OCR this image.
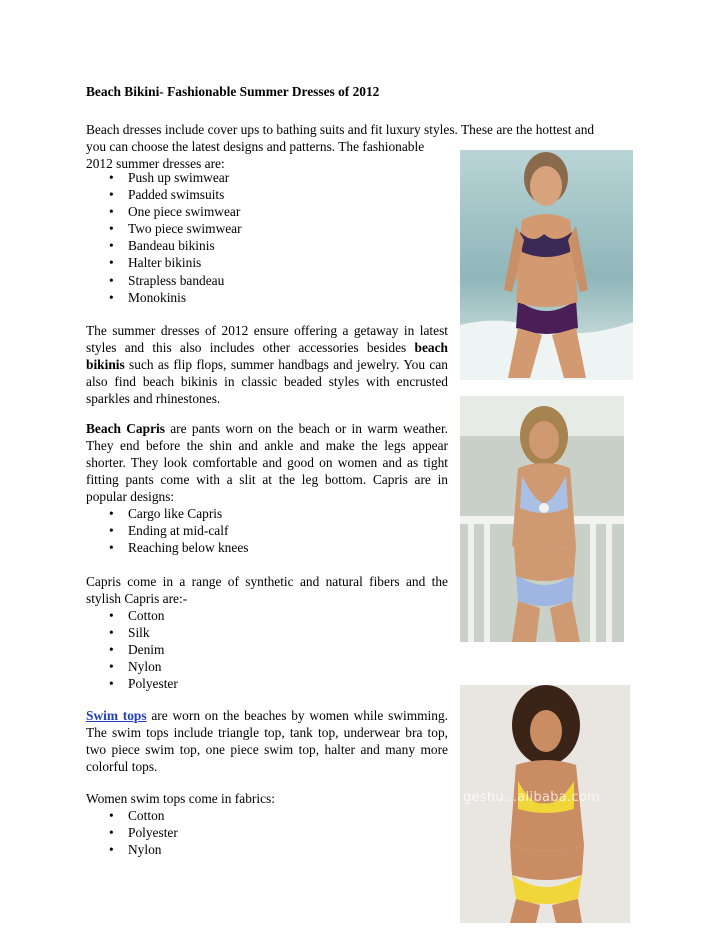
Beach Bikini- Fashionable Summer Dresses of 2012
Beach dresses include cover ups to bathing suits and fit luxury styles. These are the hottest and
you can choose the latest designs and patterns. The fashionable
2012 summer dresses are:
• Push up swimwear
• Padded swimsuits
• One piece swimwear
• Two piece swimwear
• Bandeau bikinis
• Halter bikinis
• Strapless bandeau
• Monokinis
The summer dresses of 2012 ensure offering a getaway in latest styles and this also includes other accessories besides beach bikinis such as flip flops, summer handbags and jewelry. You can also find beach bikinis in classic beaded styles with encrusted sparkles and rhinestones.
Beach Capris are pants worn on the beach or in warm weather. They end before the shin and ankle and make the legs appear shorter. They look comfortable and good on women and as tight fitting pants come with a slit at the leg bottom. Capris are in popular designs:
• Cargo like Capris
• Ending at mid-calf
• Reaching below knees
Capris come in a range of synthetic and natural fibers and the stylish Capris are:-
• Cotton
• Silk
• Denim
• Nylon
• Polyester
Swim tops are worn on the beaches by women while swimming. The swim tops include triangle top, tank top, underwear bra top, two piece swim top, one piece swim top, halter and many more colorful tops.
Women swim tops come in fabrics:
• Cotton
• Polyester
• Nylon
geshu...alibaba.com
